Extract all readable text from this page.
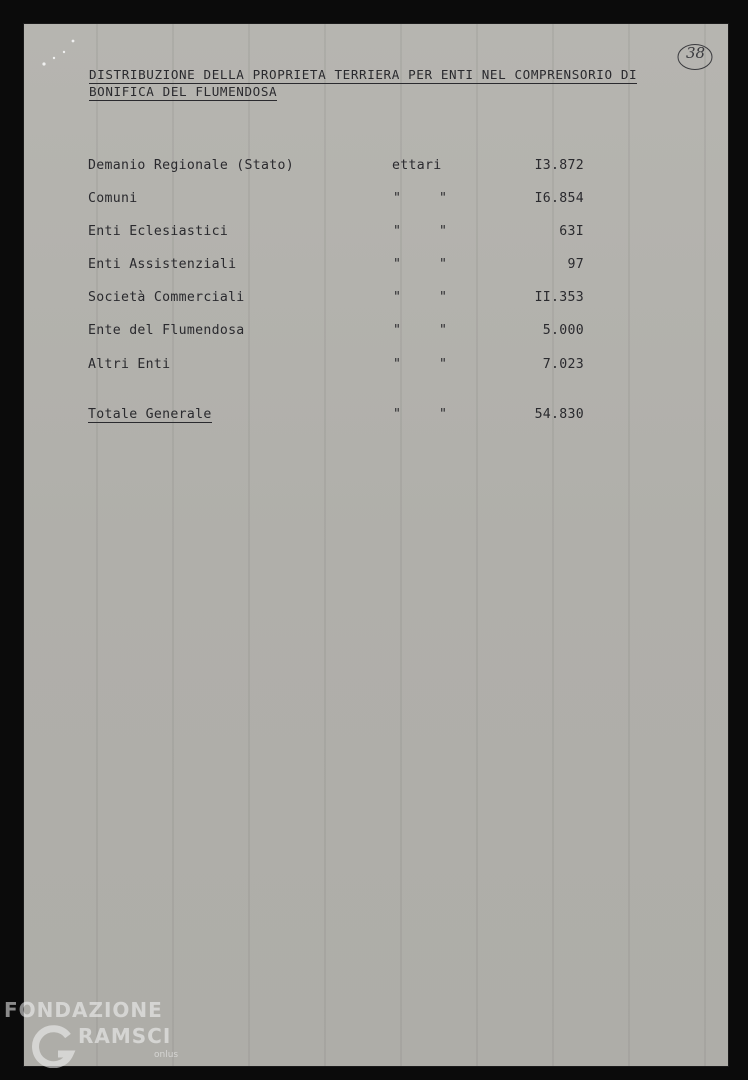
38
DISTRIBUZIONE DELLA PROPRIETA TERRIERA PER ENTI NEL COMPRENSORIO DI
BONIFICA DEL FLUMENDOSA
Demanio Regionale (Stato)	ettari	I3.872
Comuni	"	"	I6.854
Enti Eclesiastici	"	"	63I
Enti Assistenziali	"	"	97
Società Commerciali	"	"	II.353
Ente del Flumendosa	"	"	5.000
Altri Enti	"	"	7.023
Totale Generale	"	"	54.830
FONDAZIONE
RAMSCI
onlus
